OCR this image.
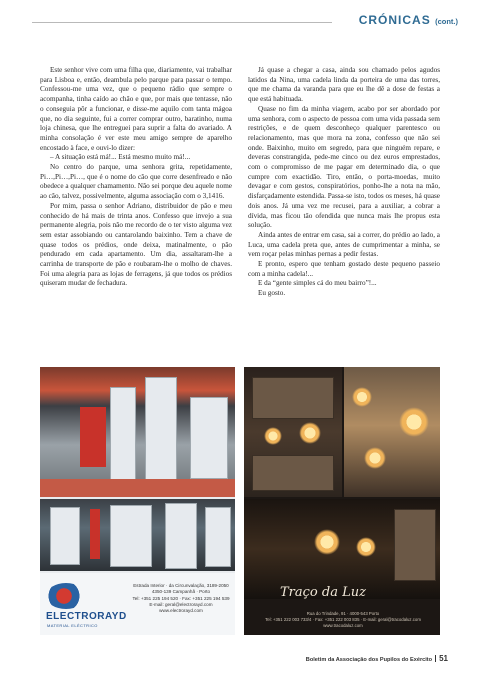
CRÓNICAS (cont.)

Este senhor vive com uma filha que, diariamente, vai trabalhar para Lisboa e, então, deambula pelo parque para passar o tempo. Confessou-me uma vez, que o pequeno rádio que sempre o acompanha, tinha caído ao chão e que, por mais que tentasse, não o conseguia pôr a funcionar, e disse-me aquilo com tanta mágoa que, no dia seguinte, fui a correr comprar outro, baratinho, numa loja chinesa, que lhe entreguei para suprir a falta do avariado. A minha consolação é ver este meu amigo sempre de aparelho encostado à face, e ouvi-lo dizer:

– A situação está má!... Está mesmo muito má!...

No centro do parque, uma senhora grita, repetidamente, Pi…,Pi…,Pi…, que é o nome do cão que corre desenfreado e não obedece a qualquer chamamento. Não sei porque deu aquele nome ao cão, talvez, possivelmente, alguma associação com o 3,1416.

Por mim, passa o senhor Adriano, distribuidor de pão e meu conhecido de há mais de trinta anos. Confesso que invejo a sua permanente alegria, pois não me recordo de o ter visto alguma vez sem estar assobiando ou cantarolando baixinho. Tem a chave de quase todos os prédios, onde deixa, matinalmente, o pão pendurado em cada apartamento. Um dia, assaltaram-lhe a carrinha de transporte de pão e roubaram-lhe o molho de chaves. Foi uma alegria para as lojas de ferragens, já que todos os prédios quiseram mudar de fechadura.

Já quase a chegar a casa, ainda sou chamado pelos agudos latidos da Nina, uma cadela linda da porteira de uma das torres, que me chama da varanda para que eu lhe dê a dose de festas a que está habituada.

Quase no fim da minha viagem, acabo por ser abordado por uma senhora, com o aspecto de pessoa com uma vida passada sem restrições, e de quem desconheço qualquer parentesco ou relacionamento, mas que mora na zona, confesso que não sei onde. Baixinho, muito em segredo, para que ninguém repare, e deveras constrangida, pede-me cinco ou dez euros emprestados, com o compromisso de me pagar em determinado dia, o que cumpre com exactidão. Tiro, então, o porta-moedas, muito devagar e com gestos, conspiratórios, ponho-lhe a nota na mão, disfarçadamente estendida. Passa-se isto, todos os meses, há quase dois anos. Já uma vez me recusei, para a auxiliar, a cobrar a dívida, mas ficou tão ofendida que nunca mais lhe propus esta solução.

Ainda antes de entrar em casa, sai a correr, do prédio ao lado, a Luca, uma cadela preta que, antes de cumprimentar a minha, se vem roçar pelas minhas pernas a pedir festas.

E pronto, espero que tenham gostado deste pequeno passeio com a minha cadela!...

E da “gente simples cá do meu bairro”!...

Eu gosto.

ELECTRORAYD
MATERIAL ELÉCTRICO
Estrada Interior · da Circunvalação, 3189-2050
4350-139 Campanhã · Porto
Tel: +351 225 194 520 · Fax: +351 225 194 539
E-mail: geral@electrorayd.com
www.electrorayd.com
Traço da Luz
Rua do Trindade, 91 · 4000-543 Porto
Tel: +351 222 003 733/4 · Fax: +351 222 003 835 · E-mail: geral@tracodaluz.com
www.tracodaluz.com
Boletim da Associação dos Pupilos do Exército 51
